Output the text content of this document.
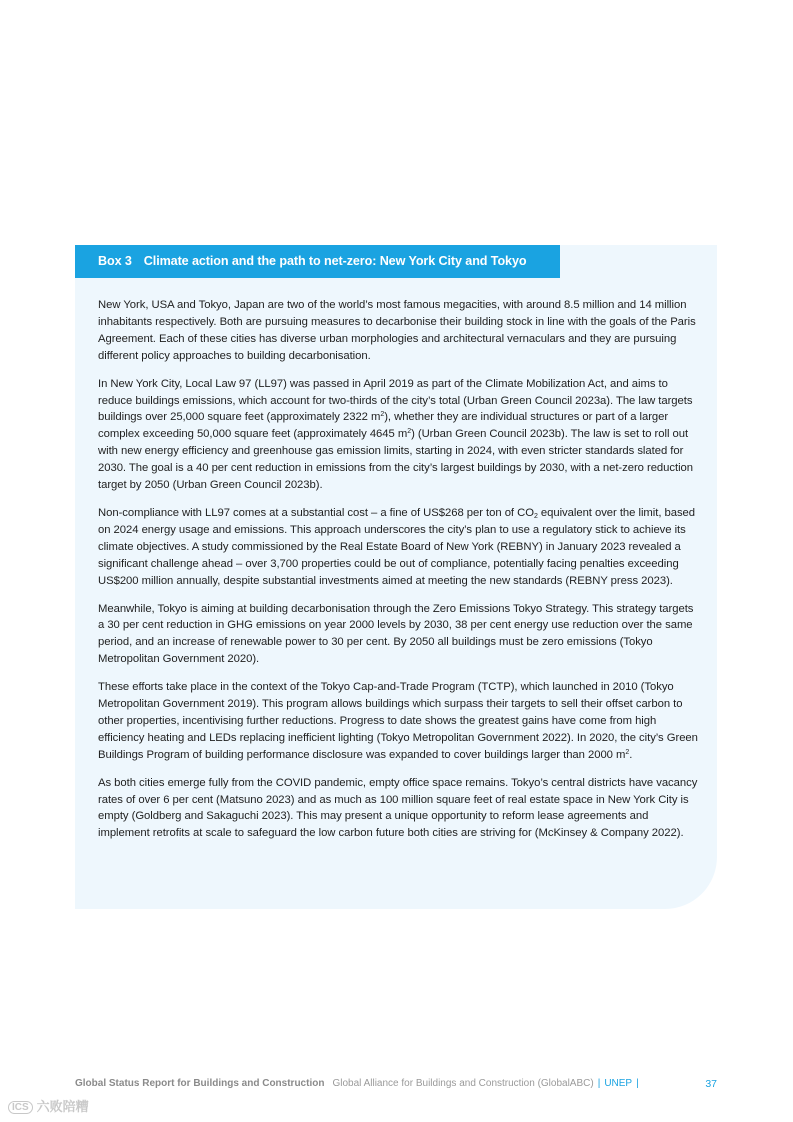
Box 3 Climate action and the path to net-zero: New York City and Tokyo

New York, USA and Tokyo, Japan are two of the world’s most famous megacities, with around 8.5 million and 14 million inhabitants respectively. Both are pursuing measures to decarbonise their building stock in line with the goals of the Paris Agreement. Each of these cities has diverse urban morphologies and architectural vernaculars and they are pursuing different policy approaches to building decarbonisation.

In New York City, Local Law 97 (LL97) was passed in April 2019 as part of the Climate Mobilization Act, and aims to reduce buildings emissions, which account for two-thirds of the city’s total (Urban Green Council 2023a). The law targets buildings over 25,000 square feet (approximately 2322 $m^2$), whether they are individual structures or part of a larger complex exceeding 50,000 square feet (approximately 4645 $m^2$) (Urban Green Council 2023b). The law is set to roll out with new energy efficiency and greenhouse gas emission limits, starting in 2024, with even stricter standards slated for 2030. The goal is a 40 per cent reduction in emissions from the city’s largest buildings by 2030, with a net-zero reduction target by 2050 (Urban Green Council 2023b).

Non-compliance with LL97 comes at a substantial cost – a fine of US$268 per ton of $CO_2$ equivalent over the limit, based on 2024 energy usage and emissions. This approach underscores the city’s plan to use a regulatory stick to achieve its climate objectives. A study commissioned by the Real Estate Board of New York (REBNY) in January 2023 revealed a significant challenge ahead – over 3,700 properties could be out of compliance, potentially facing penalties exceeding US$200 million annually, despite substantial investments aimed at meeting the new standards (REBNY press 2023).

Meanwhile, Tokyo is aiming at building decarbonisation through the Zero Emissions Tokyo Strategy. This strategy targets a 30 per cent reduction in GHG emissions on year 2000 levels by 2030, 38 per cent energy use reduction over the same period, and an increase of renewable power to 30 per cent. By 2050 all buildings must be zero emissions (Tokyo Metropolitan Government 2020).

These efforts take place in the context of the Tokyo Cap-and-Trade Program (TCTP), which launched in 2010 (Tokyo Metropolitan Government 2019). This program allows buildings which surpass their targets to sell their offset carbon to other properties, incentivising further reductions. Progress to date shows the greatest gains have come from high efficiency heating and LEDs replacing inefficient lighting (Tokyo Metropolitan Government 2022). In 2020, the city’s Green Buildings Program of building performance disclosure was expanded to cover buildings larger than 2000 $m^2$.

As both cities emerge fully from the COVID pandemic, empty office space remains. Tokyo’s central districts have vacancy rates of over 6 per cent (Matsuno 2023) and as much as 100 million square feet of real estate space in New York City is empty (Goldberg and Sakaguchi 2023). This may present a unique opportunity to reform lease agreements and implement retrofits at scale to safeguard the low carbon future both cities are striving for (McKinsey & Company 2022).

Global Status Report for Buildings and Construction Global Alliance for Buildings and Construction (GlobalABC) | UNEP |	37
ICS 六败陪糟
